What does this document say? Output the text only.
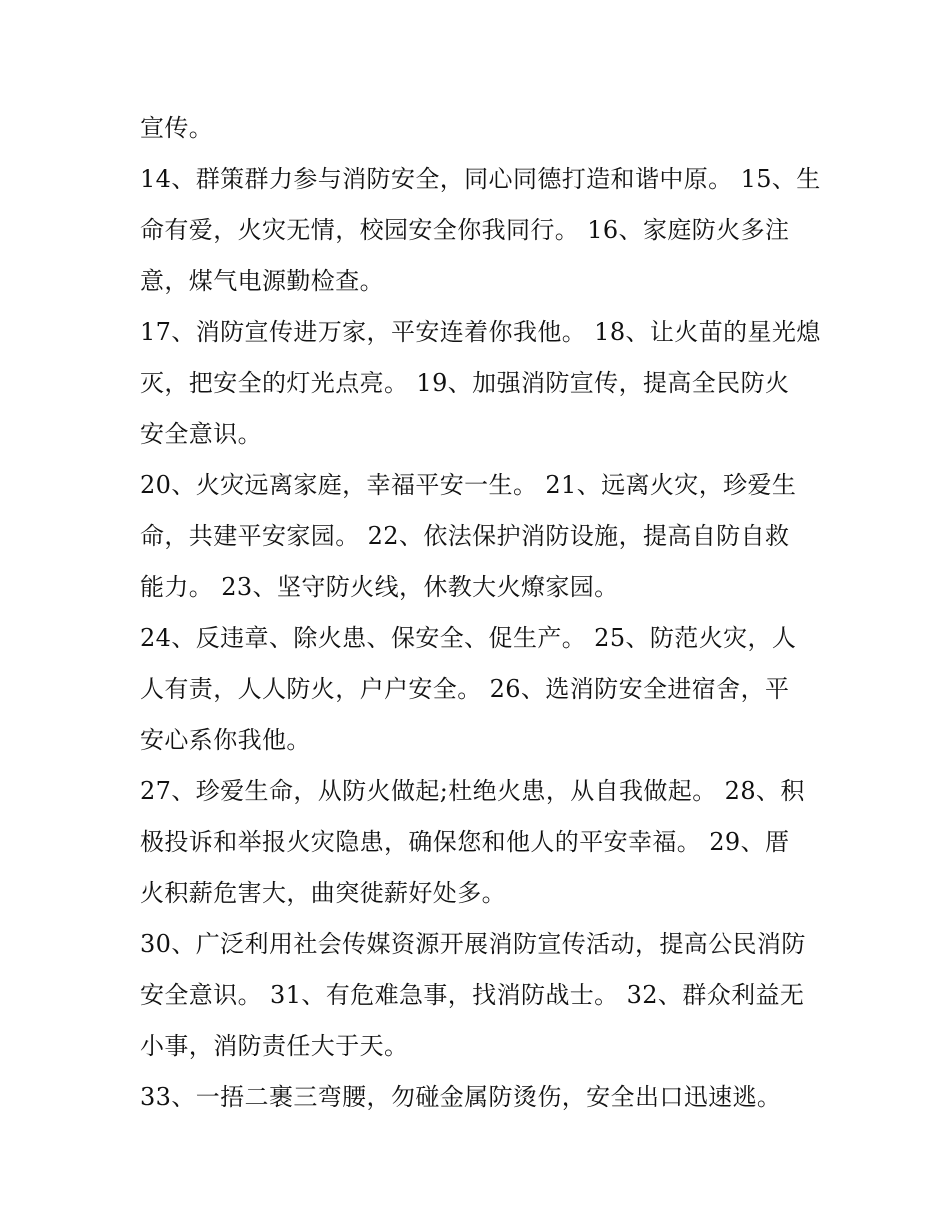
宣传。
14、群策群力参与消防安全，同心同德打造和谐中原。 15、生
命有爱，火灾无情，校园安全你我同行。 16、家庭防火多注
意，煤气电源勤检查。
17、消防宣传进万家，平安连着你我他。 18、让火苗的星光熄
灭，把安全的灯光点亮。 19、加强消防宣传，提高全民防火
安全意识。
20、火灾远离家庭，幸福平安一生。 21、远离火灾，珍爱生
命，共建平安家园。 22、依法保护消防设施，提高自防自救
能力。 23、坚守防火线，休教大火燎家园。
24、反违章、除火患、保安全、促生产。 25、防范火灾，人
人有责，人人防火，户户安全。 26、选消防安全进宿舍，平
安心系你我他。
27、珍爱生命，从防火做起;杜绝火患，从自我做起。 28、积
极投诉和举报火灾隐患，确保您和他人的平安幸福。 29、厝
火积薪危害大，曲突徙薪好处多。
30、广泛利用社会传媒资源开展消防宣传活动，提高公民消防
安全意识。 31、有危难急事，找消防战士。 32、群众利益无
小事，消防责任大于天。
33、一捂二裹三弯腰，勿碰金属防烫伤，安全出口迅速逃。
